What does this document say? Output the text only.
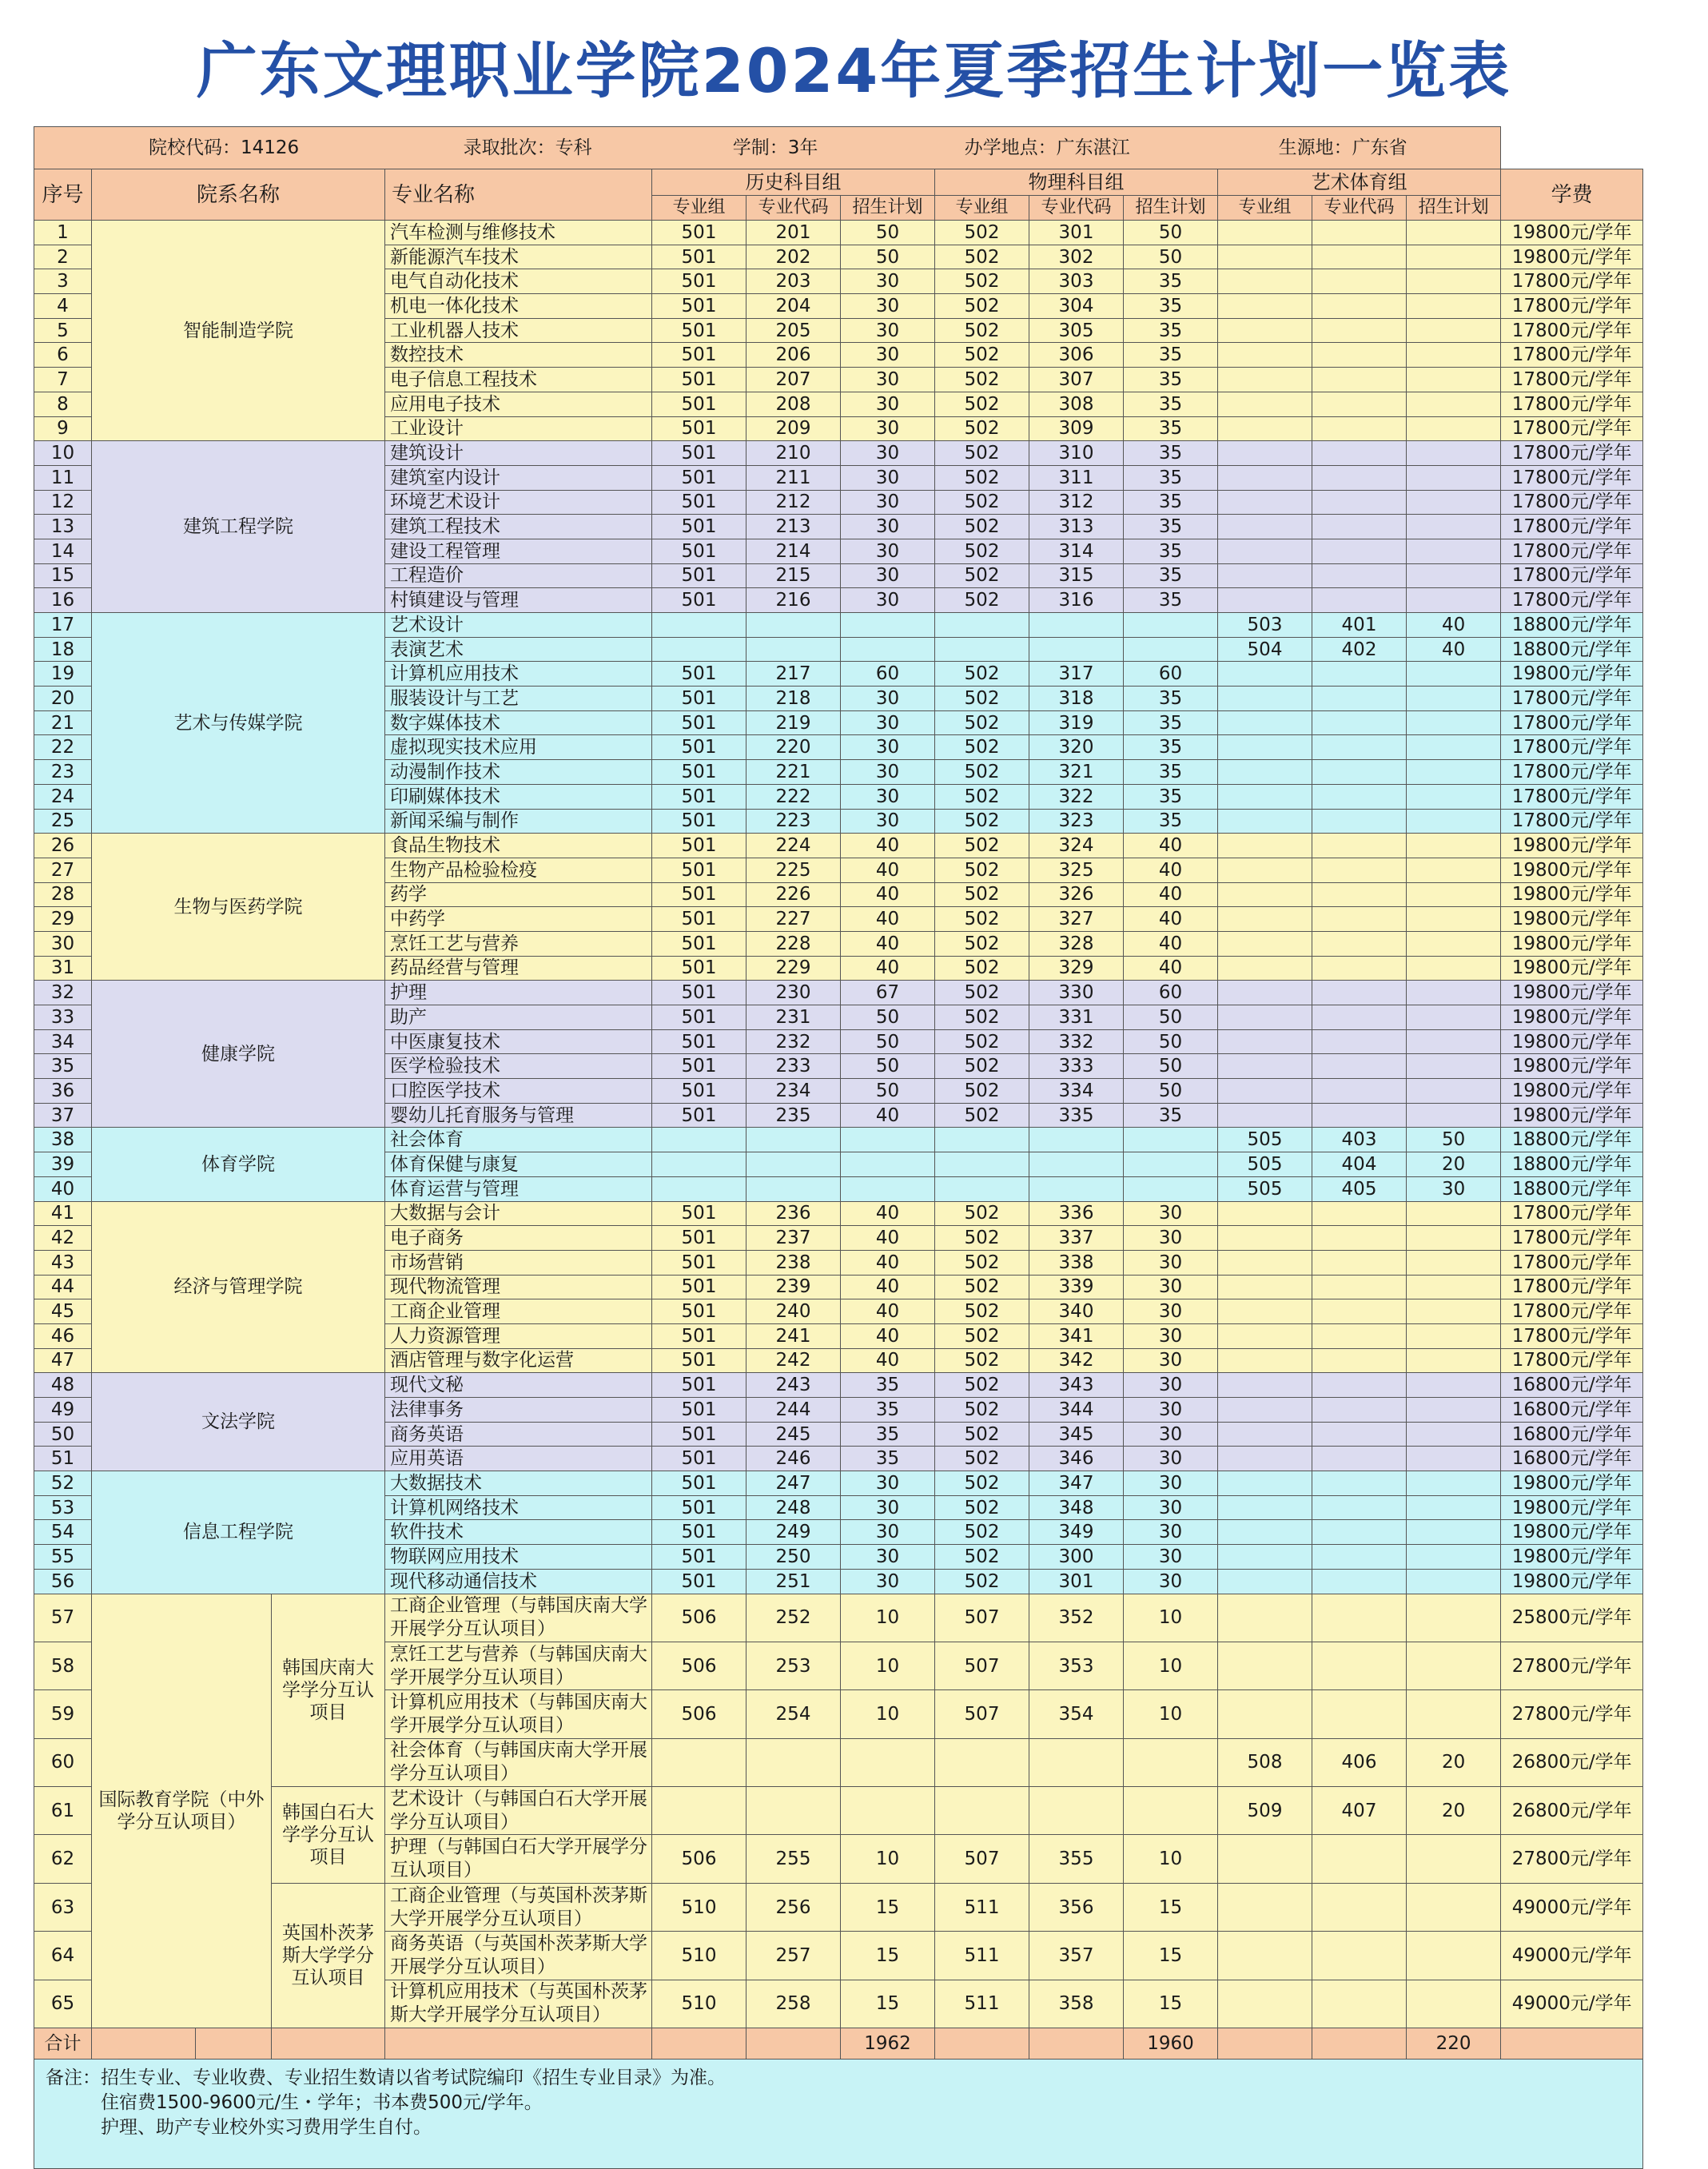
广东文理职业学院2024年夏季招生计划一览表
院校代码：14126 录取批次：专科 学制：3年 办学地点：广东湛江 生源地：广东省														
序号	院系名称			专业名称	历史科目组			物理科目组			艺术体育组			学费
					专业组	专业代码	招生计划	专业组	专业代码	招生计划	专业组	专业代码	招生计划	
1	智能制造学院			汽车检测与维修技术	501	201	50	502	301	50				19800元/学年
2				新能源汽车技术	501	202	50	502	302	50				19800元/学年
3				电气自动化技术	501	203	30	502	303	35				17800元/学年
4				机电一体化技术	501	204	30	502	304	35				17800元/学年
5				工业机器人技术	501	205	30	502	305	35				17800元/学年
6				数控技术	501	206	30	502	306	35				17800元/学年
7				电子信息工程技术	501	207	30	502	307	35				17800元/学年
8				应用电子技术	501	208	30	502	308	35				17800元/学年
9				工业设计	501	209	30	502	309	35				17800元/学年
10	建筑工程学院			建筑设计	501	210	30	502	310	35				17800元/学年
11				建筑室内设计	501	211	30	502	311	35				17800元/学年
12				环境艺术设计	501	212	30	502	312	35				17800元/学年
13				建筑工程技术	501	213	30	502	313	35				17800元/学年
14				建设工程管理	501	214	30	502	314	35				17800元/学年
15				工程造价	501	215	30	502	315	35				17800元/学年
16				村镇建设与管理	501	216	30	502	316	35				17800元/学年
17	艺术与传媒学院			艺术设计							503	401	40	18800元/学年
18				表演艺术							504	402	40	18800元/学年
19				计算机应用技术	501	217	60	502	317	60				19800元/学年
20				服装设计与工艺	501	218	30	502	318	35				17800元/学年
21				数字媒体技术	501	219	30	502	319	35				17800元/学年
22				虚拟现实技术应用	501	220	30	502	320	35				17800元/学年
23				动漫制作技术	501	221	30	502	321	35				17800元/学年
24				印刷媒体技术	501	222	30	502	322	35				17800元/学年
25				新闻采编与制作	501	223	30	502	323	35				17800元/学年
26	生物与医药学院			食品生物技术	501	224	40	502	324	40				19800元/学年
27				生物产品检验检疫	501	225	40	502	325	40				19800元/学年
28				药学	501	226	40	502	326	40				19800元/学年
29				中药学	501	227	40	502	327	40				19800元/学年
30				烹饪工艺与营养	501	228	40	502	328	40				19800元/学年
31				药品经营与管理	501	229	40	502	329	40				19800元/学年
32	健康学院			护理	501	230	67	502	330	60				19800元/学年
33				助产	501	231	50	502	331	50				19800元/学年
34				中医康复技术	501	232	50	502	332	50				19800元/学年
35				医学检验技术	501	233	50	502	333	50				19800元/学年
36				口腔医学技术	501	234	50	502	334	50				19800元/学年
37				婴幼儿托育服务与管理	501	235	40	502	335	35				19800元/学年
38	体育学院			社会体育							505	403	50	18800元/学年
39				体育保健与康复							505	404	20	18800元/学年
40				体育运营与管理							505	405	30	18800元/学年
41	经济与管理学院			大数据与会计	501	236	40	502	336	30				17800元/学年
42				电子商务	501	237	40	502	337	30				17800元/学年
43				市场营销	501	238	40	502	338	30				17800元/学年
44				现代物流管理	501	239	40	502	339	30				17800元/学年
45				工商企业管理	501	240	40	502	340	30				17800元/学年
46				人力资源管理	501	241	40	502	341	30				17800元/学年
47				酒店管理与数字化运营	501	242	40	502	342	30				17800元/学年
48	文法学院			现代文秘	501	243	35	502	343	30				16800元/学年
49				法律事务	501	244	35	502	344	30				16800元/学年
50				商务英语	501	245	35	502	345	30				16800元/学年
51				应用英语	501	246	35	502	346	30				16800元/学年
52	信息工程学院			大数据技术	501	247	30	502	347	30				19800元/学年
53				计算机网络技术	501	248	30	502	348	30				19800元/学年
54				软件技术	501	249	30	502	349	30				19800元/学年
55				物联网应用技术	501	250	30	502	300	30				19800元/学年
56				现代移动通信技术	501	251	30	502	301	30				19800元/学年
57	国际教育学院（中外学分互认项目）		韩国庆南大学学分互认项目	工商企业管理（与韩国庆南大学开展学分互认项目）	506	252	10	507	352	10				25800元/学年
58				烹饪工艺与营养（与韩国庆南大学开展学分互认项目）	506	253	10	507	353	10				27800元/学年
59				计算机应用技术（与韩国庆南大学开展学分互认项目）	506	254	10	507	354	10				27800元/学年
60				社会体育（与韩国庆南大学开展学分互认项目）							508	406	20	26800元/学年
61			韩国白石大学学分互认项目	艺术设计（与韩国白石大学开展学分互认项目）							509	407	20	26800元/学年
62				护理（与韩国白石大学开展学分互认项目）	506	255	10	507	355	10				27800元/学年
63			英国朴茨茅斯大学学分互认项目	工商企业管理（与英国朴茨茅斯大学开展学分互认项目）	510	256	15	511	356	15				49000元/学年
64				商务英语（与英国朴茨茅斯大学开展学分互认项目）	510	257	15	511	357	15				49000元/学年
65				计算机应用技术（与英国朴茨茅斯大学开展学分互认项目）	510	258	15	511	358	15				49000元/学年
合计							1962			1960			220	

备注：招生专业、专业收费、专业招生数请以省考试院编印《招生专业目录》为准。
住宿费1500-9600元/生・学年；书本费500元/学年。
护理、助产专业校外实习费用学生自付。														
